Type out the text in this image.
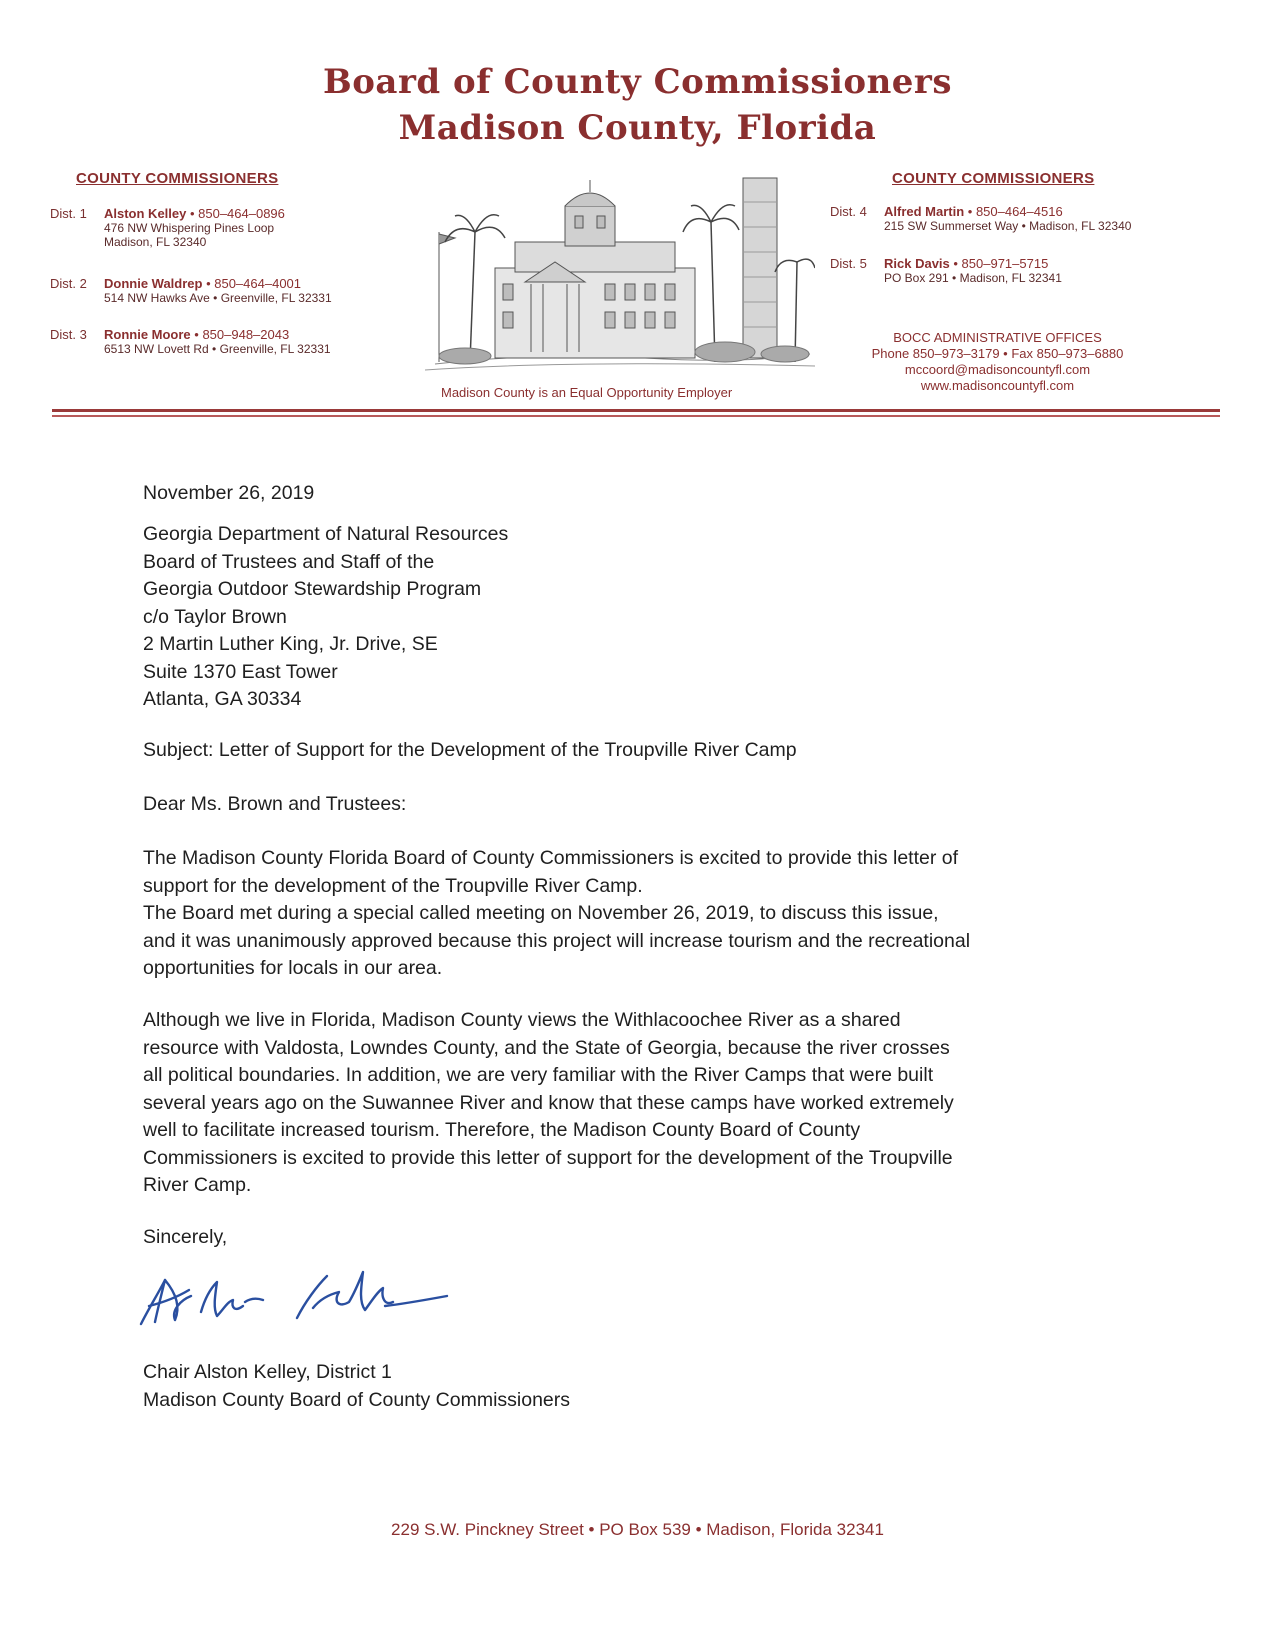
Board of County Commissioners
Madison County, Florida
COUNTY COMMISSIONERS
Dist. 1	Alston Kelley • 850–464–0896
476 NW Whispering Pines Loop
Madison, FL 32340
Dist. 2	Donnie Waldrep • 850–464–4001
514 NW Hawks Ave • Greenville, FL 32331
Dist. 3	Ronnie Moore • 850–948–2043
6513 NW Lovett Rd • Greenville, FL 32331
Madison County is an Equal Opportunity Employer
COUNTY COMMISSIONERS
Dist. 4	Alfred Martin • 850–464–4516
215 SW Summerset Way • Madison, FL 32340
Dist. 5	Rick Davis • 850–971–5715
PO Box 291 • Madison, FL 32341
BOCC ADMINISTRATIVE OFFICES
Phone 850–973–3179 • Fax 850–973–6880
mccoord@madisoncountyfl.com
www.madisoncountyfl.com
November 26, 2019

Georgia Department of Natural Resources

Board of Trustees and Staff of the

Georgia Outdoor Stewardship Program

c/o Taylor Brown

2 Martin Luther King, Jr. Drive, SE

Suite 1370 East Tower

Atlanta, GA 30334

Subject: Letter of Support for the Development of the Troupville River Camp
Dear Ms. Brown and Trustees:

The Madison County Florida Board of County Commissioners is excited to provide this letter of

support for the development of the Troupville River Camp.

The Board met during a special called meeting on November 26, 2019, to discuss this issue,

and it was unanimously approved because this project will increase tourism and the recreational

opportunities for locals in our area.

Although we live in Florida, Madison County views the Withlacoochee River as a shared

resource with Valdosta, Lowndes County, and the State of Georgia, because the river crosses

all political boundaries. In addition, we are very familiar with the River Camps that were built

several years ago on the Suwannee River and know that these camps have worked extremely

well to facilitate increased tourism. Therefore, the Madison County Board of County

Commissioners is excited to provide this letter of support for the development of the Troupville

River Camp.

Sincerely,

Chair Alston Kelley, District 1

Madison County Board of County Commissioners

229 S.W. Pinckney Street • PO Box 539 • Madison, Florida 32341
